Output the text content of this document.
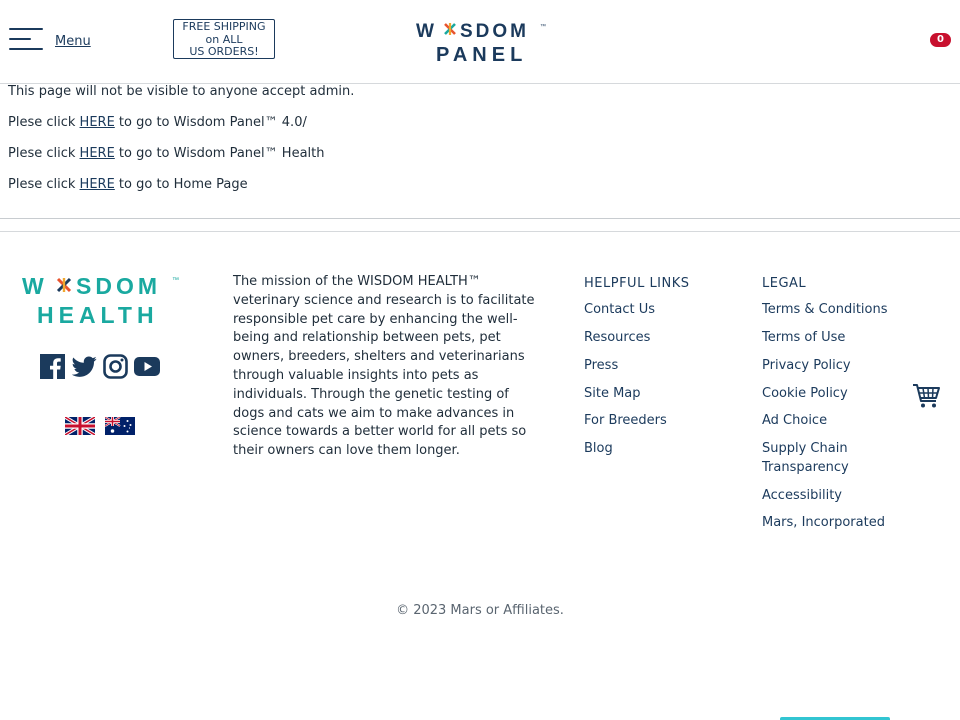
Menu
FREE SHIPPING
on ALL
US ORDERS!
W SDOM ™
PANEL
0

This page will not be visible to anyone accept admin.

Plese click HERE to go to Wisdom Panel™ 4.0/

Plese click HERE to go to Wisdom Panel™ Health

Plese click HERE to go to Home Page

W SDOM ™
HEALTH

The mission of the WISDOM HEALTH™ veterinary science and research is to facilitate responsible pet care by enhancing the well-being and relationship between pets, pet owners, breeders, shelters and veterinarians through valuable insights into pets as individuals. Through the genetic testing of dogs and cats we aim to make advances in science towards a better world for all pets so their owners can love them longer.

HELPFUL LINKS
Contact Us
Resources
Press
Site Map
For Breeders
Blog
LEGAL
Terms & Conditions
Terms of Use
Privacy Policy
Cookie Policy
Ad Choice
Supply Chain Transparency
Accessibility
Mars, Incorporated
© 2023 Mars or Affiliates.
